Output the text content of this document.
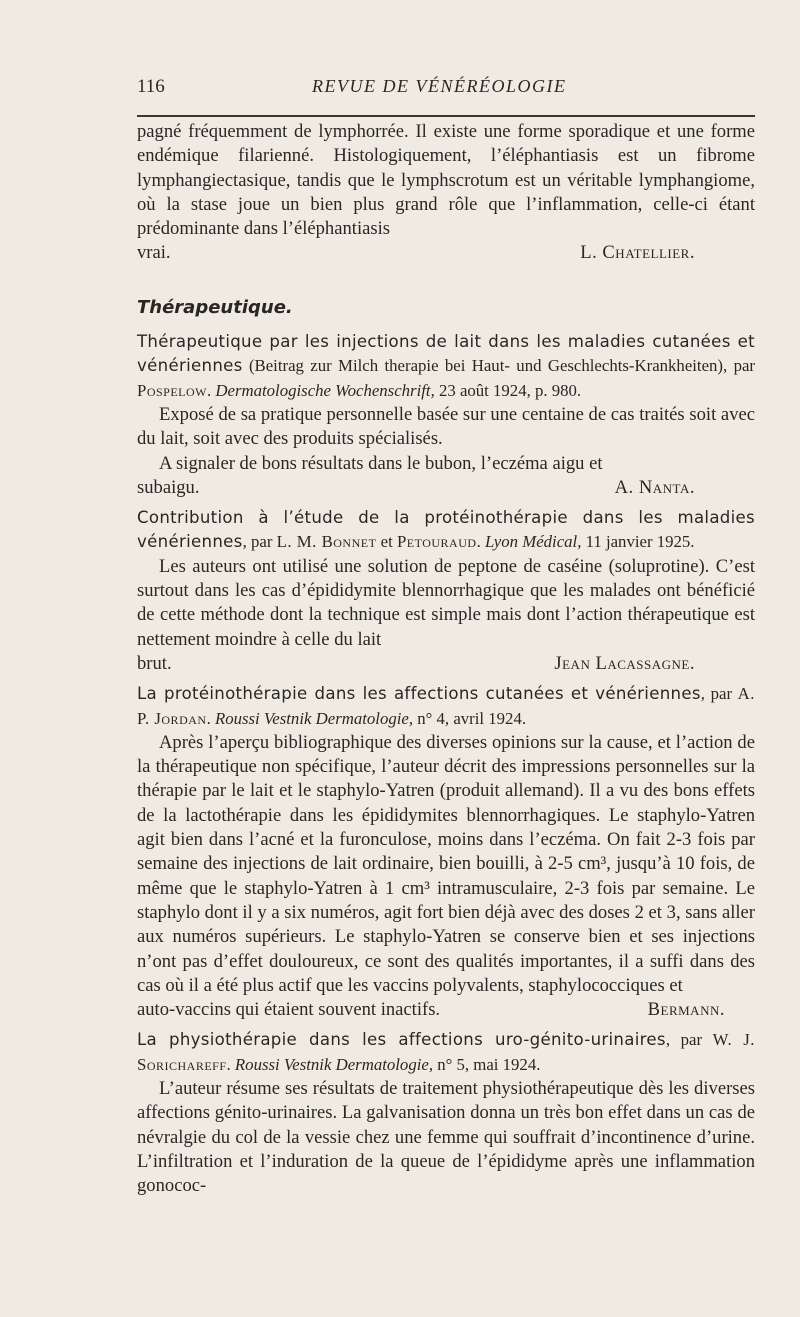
116	REVUE DE VÉNÉRÉOLOGIE

pagné fréquemment de lymphorrée. Il existe une forme sporadique et une forme endémique filarienné. Histologiquement, l’éléphantiasis est un fibrome lymphangiectasique, tandis que le lymphscrotum est un véritable lymphangiome, où la stase joue un bien plus grand rôle que l’inflammation, celle-ci étant prédominante dans l’éléphantiasis

vrai.	L. Chatellier.
Thérapeutique.

Thérapeutique par les injections de lait dans les maladies cutanées et vénériennes (Beitrag zur Milch therapie bei Haut- und Geschlechts-Krankheiten), par Pospelow. Dermatologische Wochenschrift, 23 août 1924, p. 980.

Exposé de sa pratique personnelle basée sur une centaine de cas traités soit avec du lait, soit avec des produits spécialisés.

A signaler de bons résultats dans le bubon, l’eczéma aigu et

subaigu.	A. Nanta.

Contribution à l’étude de la protéinothérapie dans les maladies vénériennes, par L. M. Bonnet et Petouraud. Lyon Médical, 11 janvier 1925.

Les auteurs ont utilisé une solution de peptone de caséine (soluprotine). C’est surtout dans les cas d’épididymite blennorrhagique que les malades ont bénéficié de cette méthode dont la technique est simple mais dont l’action thérapeutique est nettement moindre à celle du lait

brut.	Jean Lacassagne.

La protéinothérapie dans les affections cutanées et vénériennes, par A. P. Jordan. Roussi Vestnik Dermatologie, n° 4, avril 1924.

Après l’aperçu bibliographique des diverses opinions sur la cause, et l’action de la thérapeutique non spécifique, l’auteur décrit des impressions personnelles sur la thérapie par le lait et le staphylo-Yatren (produit allemand). Il a vu des bons effets de la lactothérapie dans les épididymites blennorrhagiques. Le staphylo-Yatren agit bien dans l’acné et la furonculose, moins dans l’eczéma. On fait 2-3 fois par semaine des injections de lait ordinaire, bien bouilli, à 2-5 cm³, jusqu’à 10 fois, de même que le staphylo-Yatren à 1 cm³ intramusculaire, 2-3 fois par semaine. Le staphylo dont il y a six numéros, agit fort bien déjà avec des doses 2 et 3, sans aller aux numéros supérieurs. Le staphylo-Yatren se conserve bien et ses injections n’ont pas d’effet douloureux, ce sont des qualités importantes, il a suffi dans des cas où il a été plus actif que les vaccins polyvalents, staphylococciques et

auto-vaccins qui étaient souvent inactifs.	Bermann.

La physiothérapie dans les affections uro-génito-urinaires, par W. J. Sorichareff. Roussi Vestnik Dermatologie, n° 5, mai 1924.

L’auteur résume ses résultats de traitement physiothérapeutique dès les diverses affections génito-urinaires. La galvanisation donna un très bon effet dans un cas de névralgie du col de la vessie chez une femme qui souffrait d’incontinence d’urine. L’infiltration et l’induration de la queue de l’épididyme après une inflammation gonococ-
